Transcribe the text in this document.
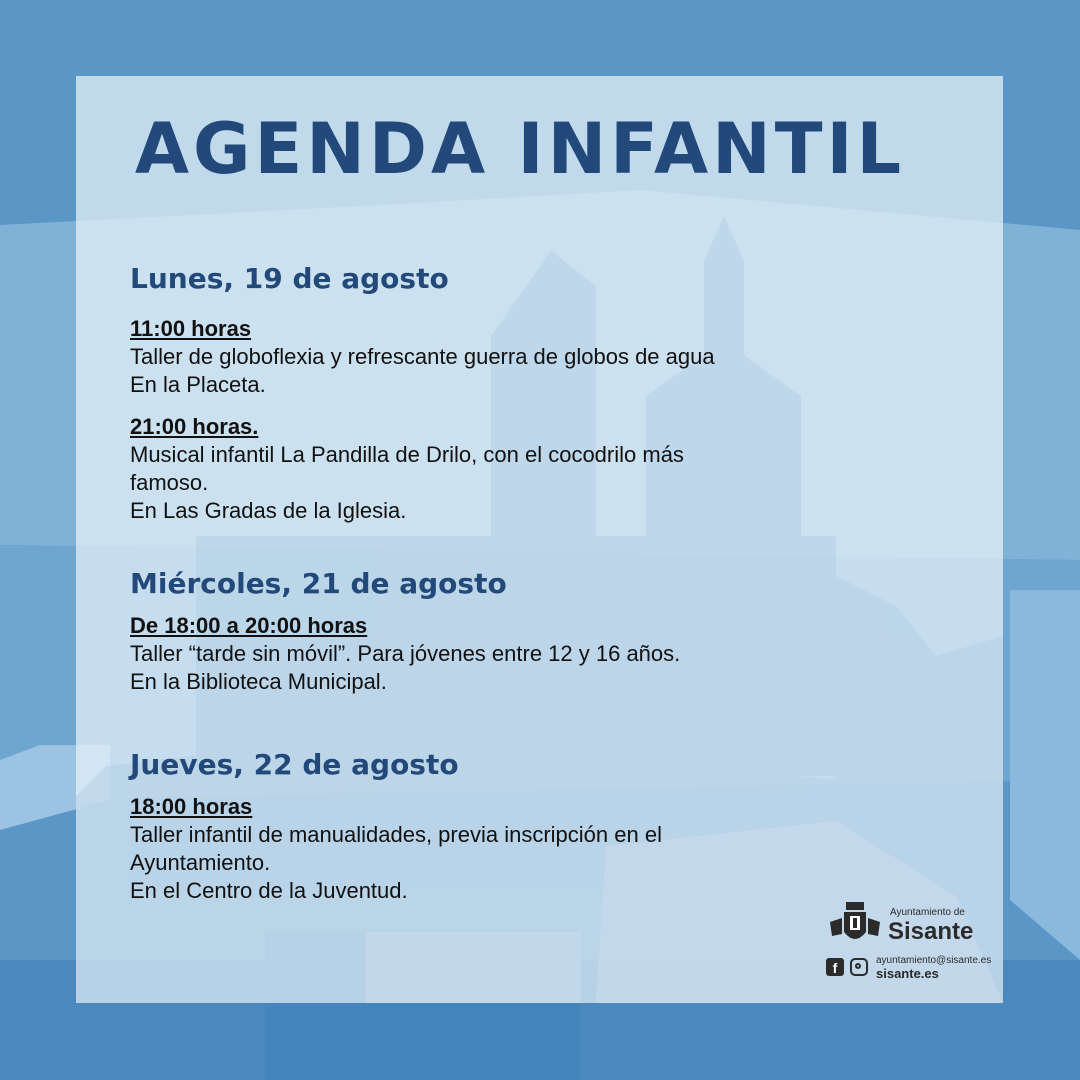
AGENDA INFANTIL
Lunes, 19 de agosto
11:00 horas

Taller de globoflexia y refrescante guerra de globos de agua

En la Placeta.

21:00 horas.

Musical infantil La Pandilla de Drilo, con el cocodrilo más

famoso.

En Las Gradas de la Iglesia.

Miércoles, 21 de agosto
De 18:00 a 20:00 horas

Taller “tarde sin móvil”. Para jóvenes entre 12 y 16 años.

En la Biblioteca Municipal.

Jueves, 22 de agosto
18:00 horas

Taller infantil de manualidades, previa inscripción en el

Ayuntamiento.

En el Centro de la Juventud.

Ayuntamiento de
Sisante
f	ayuntamiento@sisante.es
sisante.es
